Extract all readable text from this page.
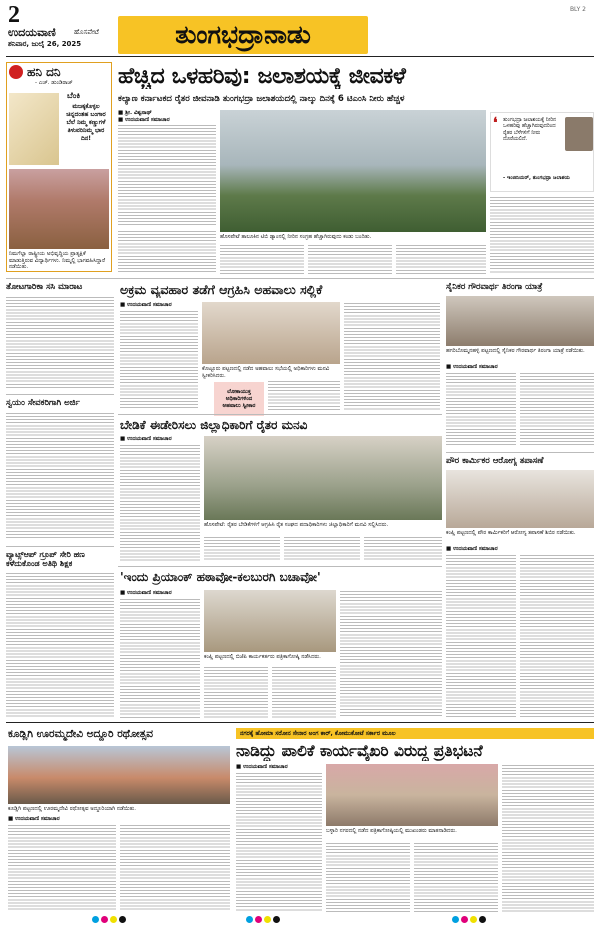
2
ಉದಯವಾಣಿ	ಹೊಸಪೇಟೆ
ಶನಿವಾರ, ಜುಲೈ 26, 2025	ತುಂಗಭದ್ರಾನಾಡು
BLY 2
ಹನಿ ದನಿ
- ಎಚ್. ಡುಂಡಿರಾಜ್
ಬೆಂಕಿ
ಮಜಕ್ಕಕೊಳ್ಳಲ ಚಿನ್ನದಂತಹ ಬಂಗಾರ ಬೆಲೆ ನಿಮ್ಮ ಕಣ್ಣುಗಳೆ ತಿಳುವರಿನಿಮ್ಮ ಭಾರ ದಿನ!
ನಿಮಗೆಲ್ಲಾ ರಾಷ್ಟ್ರೀಯ ಅಭಿವೃದ್ಧಿಯ ಪ್ರಾತ್ಯಕ್ಷಿಕೆ ಮಾಡುತ್ತಿರುವ ವಿದ್ಯಾರ್ಥಿಗಳು. ನಿಮ್ಮಲ್ಲಿ ಭಾಗವಹಿಸಿದ್ದಾರೆ ನಡೆಯಿತು.
ಹೆಚ್ಚಿದ ಒಳಹರಿವು: ಜಲಾಶಯಕ್ಕೆ ಜೀವಕಳೆ
ಕಲ್ಯಾಣ ಕರ್ನಾಟಕದ ರೈತರ ಜೀವನಾಡಿ ತುಂಗಭದ್ರಾ ಜಲಾಶಯದಲ್ಲಿ ನಾಲ್ಕು ದಿನಕ್ಕೆ 6 ಟಿಎಂಸಿ ನೀರು ಹೆಚ್ಚಳ
■ ಶ್ರೀ. ವಿಶ್ವನಾಥ್
■ ಉದಯವಾಣಿ ಸಮಾಚಾರ
ಹೊಸಪೇಟೆ ತಾಲೂಕಿನ ಟಿಬಿ ಡ್ಯಾಂನಲ್ಲಿ ನೀರಿನ ಸಂಗ್ರಹ ಹೆಚ್ಚಾಗಿರುವುದು ಕಂಡು ಬಂದಿತು.
❛ ತುಂಗಭದ್ರಾ ಜಲಾಶಯಕ್ಕೆ ನೀರಿನ ಒಳಹರಿವು ಹೆಚ್ಚಾಗಿರುವುದರಿಂದ ರೈತರ ಬೆಳೆಗಳಿಗೆ ನೀರು ದೊರೆಯಲಿದೆ.
- ಇಂಜಿನಿಯರ್, ತುಂಗಭದ್ರಾ ಜಲಾಶಯ
ತೋಟಗಾರಿಕಾ ಸಸಿ ಮಾರಾಟ	ಅಕ್ರಮ ವ್ಯವಹಾರ ತಡೆಗೆ ಆಗ್ರಹಿಸಿ ಅಹವಾಲು ಸಲ್ಲಿಕೆ
■ ಉದಯವಾಣಿ ಸಮಾಚಾರ
ಕೊಟ್ಟೂರು ಪಟ್ಟಣದಲ್ಲಿ ನಡೆದ ಅಹವಾಲು ಸಭೆಯಲ್ಲಿ ಅಧಿಕಾರಿಗಳು ಮನವಿ ಸ್ವೀಕರಿಸಿದರು.
ಲೋಕಾಯುಕ್ತ ಅಧಿಕಾರಿಗಳಿಂದ ಅಹವಾಲು ಸ್ವೀಕಾರ
ಸೈನಿಕರ ಗೌರವಾರ್ಥ ತಿರಂಗಾ ಯಾತ್ರೆ
ಹಗರಿಬೊಮ್ಮನಹಳ್ಳಿ ಪಟ್ಟಣದಲ್ಲಿ ಸೈನಿಕರ ಗೌರವಾರ್ಥ ತಿರಂಗಾ ಯಾತ್ರೆ ನಡೆಯಿತು.
■ ಉದಯವಾಣಿ ಸಮಾಚಾರ
ಸ್ವಯಂ ಸೇವಕರಿಗಾಗಿ ಅರ್ಜಿ
ಬೇಡಿಕೆ ಈಡೇರಿಸಲು ಜಿಲ್ಲಾಧಿಕಾರಿಗೆ ರೈತರ ಮನವಿ
■ ಉದಯವಾಣಿ ಸಮಾಚಾರ
ಹೊಸಪೇಟೆ: ರೈತರ ಬೇಡಿಕೆಗಳಿಗೆ ಆಗ್ರಹಿಸಿ ರೈತ ಸಂಘದ ಪದಾಧಿಕಾರಿಗಳು ಜಿಲ್ಲಾಧಿಕಾರಿಗೆ ಮನವಿ ಸಲ್ಲಿಸಿದರು.
ಪೌರ ಕಾರ್ಮಿಕರ ಆರೋಗ್ಯ ತಪಾಸಣೆ
ಕಂಪ್ಲಿ ಪಟ್ಟಣದಲ್ಲಿ ಪೌರ ಕಾರ್ಮಿಕರಿಗೆ ಆರೋಗ್ಯ ತಪಾಸಣೆ ಶಿಬಿರ ನಡೆಯಿತು.
ವ್ಯಾಟ್ಸ್‌ಆಪ್ ಗ್ರೂಪ್ ಸೇರಿ ಹಣ ಕಳೆದುಕೊಂಡ ಅತಿಥಿ ಶಿಕ್ಷಕ
'ಇಂದು ಪ್ರಿಯಾಂಕ್ ಹಠಾವೋ-ಕಲಬುರಗಿ ಬಚಾವೋ'
■ ಉದಯವಾಣಿ ಸಮಾಚಾರ
ಕಂಪ್ಲಿ ಪಟ್ಟಣದಲ್ಲಿ ಬಿಜೆಪಿ ಕಾರ್ಯಕರ್ತರು ಪತ್ರಿಕಾಗೋಷ್ಠಿ ನಡೆಸಿದರು.
■ ಉದಯವಾಣಿ ಸಮಾಚಾರ
ಕೂಡ್ಲಿಗಿ ಊರಮ್ಮದೇವಿ ಅದ್ದೂರಿ ರಥೋತ್ಸವ
ಕೂಡ್ಲಿಗಿ ಪಟ್ಟಣದಲ್ಲಿ ಊರಮ್ಮದೇವಿ ರಥೋತ್ಸವ ಅದ್ದೂರಿಯಾಗಿ ನಡೆಯಿತು.
■ ಉದಯವಾಣಿ ಸಮಾಚಾರ
ನಗರಕ್ಕೆ ಹೋಮಾ ಸರೋನ ಸೇನಾರ ಅಂಗ ಕಾರ್, ಕೋಮುಕೋಟೆ ಸರ್ಕಾರ ಮೂಲ
ನಾಡಿದ್ದು ಪಾಲಿಕೆ ಕಾರ್ಯವೈಖರಿ ವಿರುದ್ಧ ಪ್ರತಿಭಟನೆ
■ ಉದಯವಾಣಿ ಸಮಾಚಾರ
ಬಳ್ಳಾರಿ ನಗರದಲ್ಲಿ ನಡೆದ ಪತ್ರಿಕಾಗೋಷ್ಠಿಯಲ್ಲಿ ಮುಖಂಡರು ಮಾತನಾಡಿದರು.
